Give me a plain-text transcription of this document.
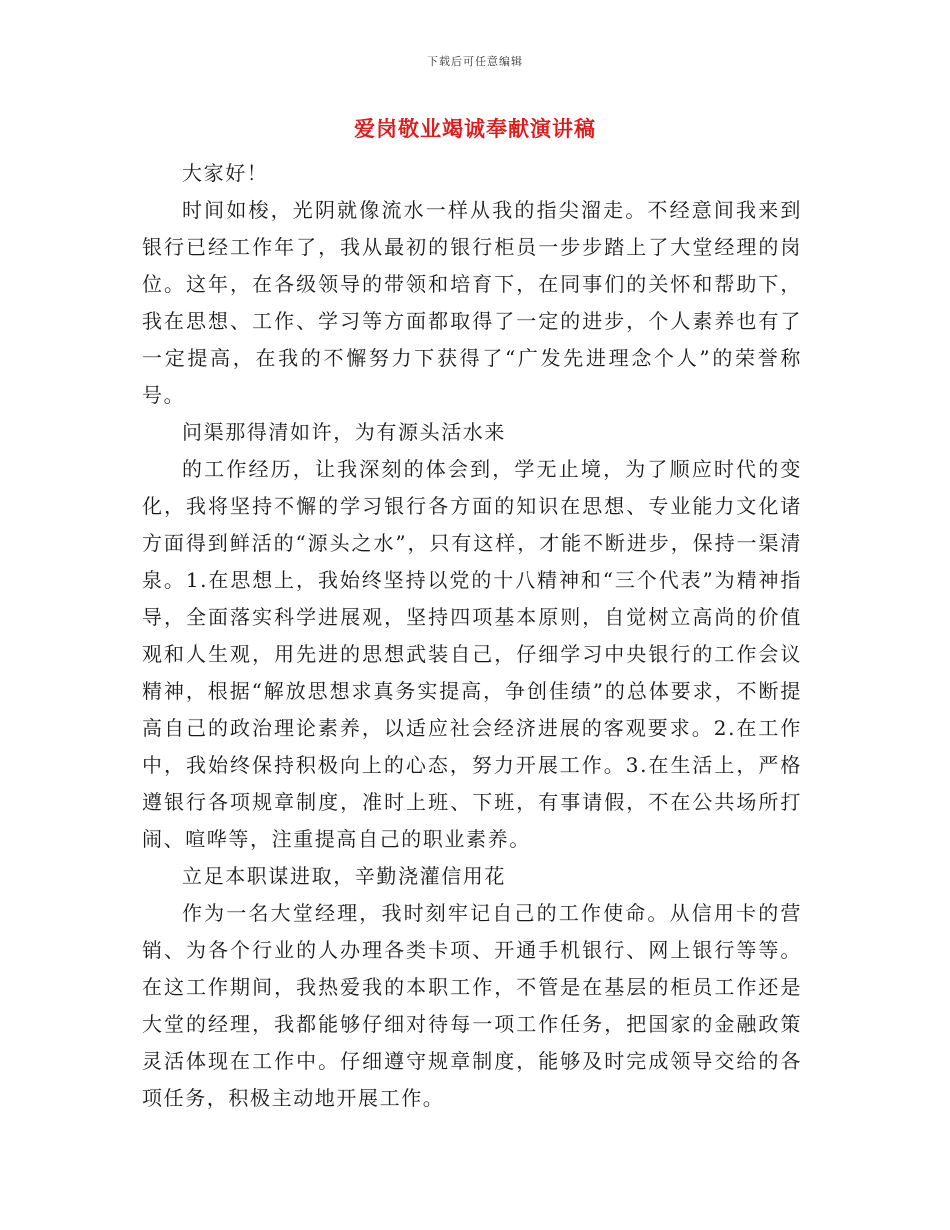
下载后可任意编辑
爱岗敬业竭诚奉献演讲稿

大家好！

时间如梭，光阴就像流水一样从我的指尖溜走。不经意间我来到银行已经工作年了，我从最初的银行柜员一步步踏上了大堂经理的岗位。这年，在各级领导的带领和培育下，在同事们的关怀和帮助下，我在思想、工作、学习等方面都取得了一定的进步，个人素养也有了一定提高，在我的不懈努力下获得了“广发先进理念个人”的荣誉称号。

问渠那得清如许，为有源头活水来

的工作经历，让我深刻的体会到，学无止境，为了顺应时代的变化，我将坚持不懈的学习银行各方面的知识在思想、专业能力文化诸方面得到鲜活的“源头之水”，只有这样，才能不断进步，保持一渠清泉。1.在思想上，我始终坚持以党的十八精神和“三个代表”为精神指导，全面落实科学进展观，坚持四项基本原则，自觉树立高尚的价值观和人生观，用先进的思想武装自己，仔细学习中央银行的工作会议精神，根据“解放思想求真务实提高，争创佳绩”的总体要求，不断提高自己的政治理论素养，以适应社会经济进展的客观要求。2.在工作中，我始终保持积极向上的心态，努力开展工作。3.在生活上，严格遵银行各项规章制度，准时上班、下班，有事请假，不在公共场所打闹、喧哗等，注重提高自己的职业素养。

立足本职谋进取，辛勤浇灌信用花

作为一名大堂经理，我时刻牢记自己的工作使命。从信用卡的营销、为各个行业的人办理各类卡项、开通手机银行、网上银行等等。在这工作期间，我热爱我的本职工作，不管是在基层的柜员工作还是大堂的经理，我都能够仔细对待每一项工作任务，把国家的金融政策灵活体现在工作中。仔细遵守规章制度，能够及时完成领导交给的各项任务，积极主动地开展工作。
